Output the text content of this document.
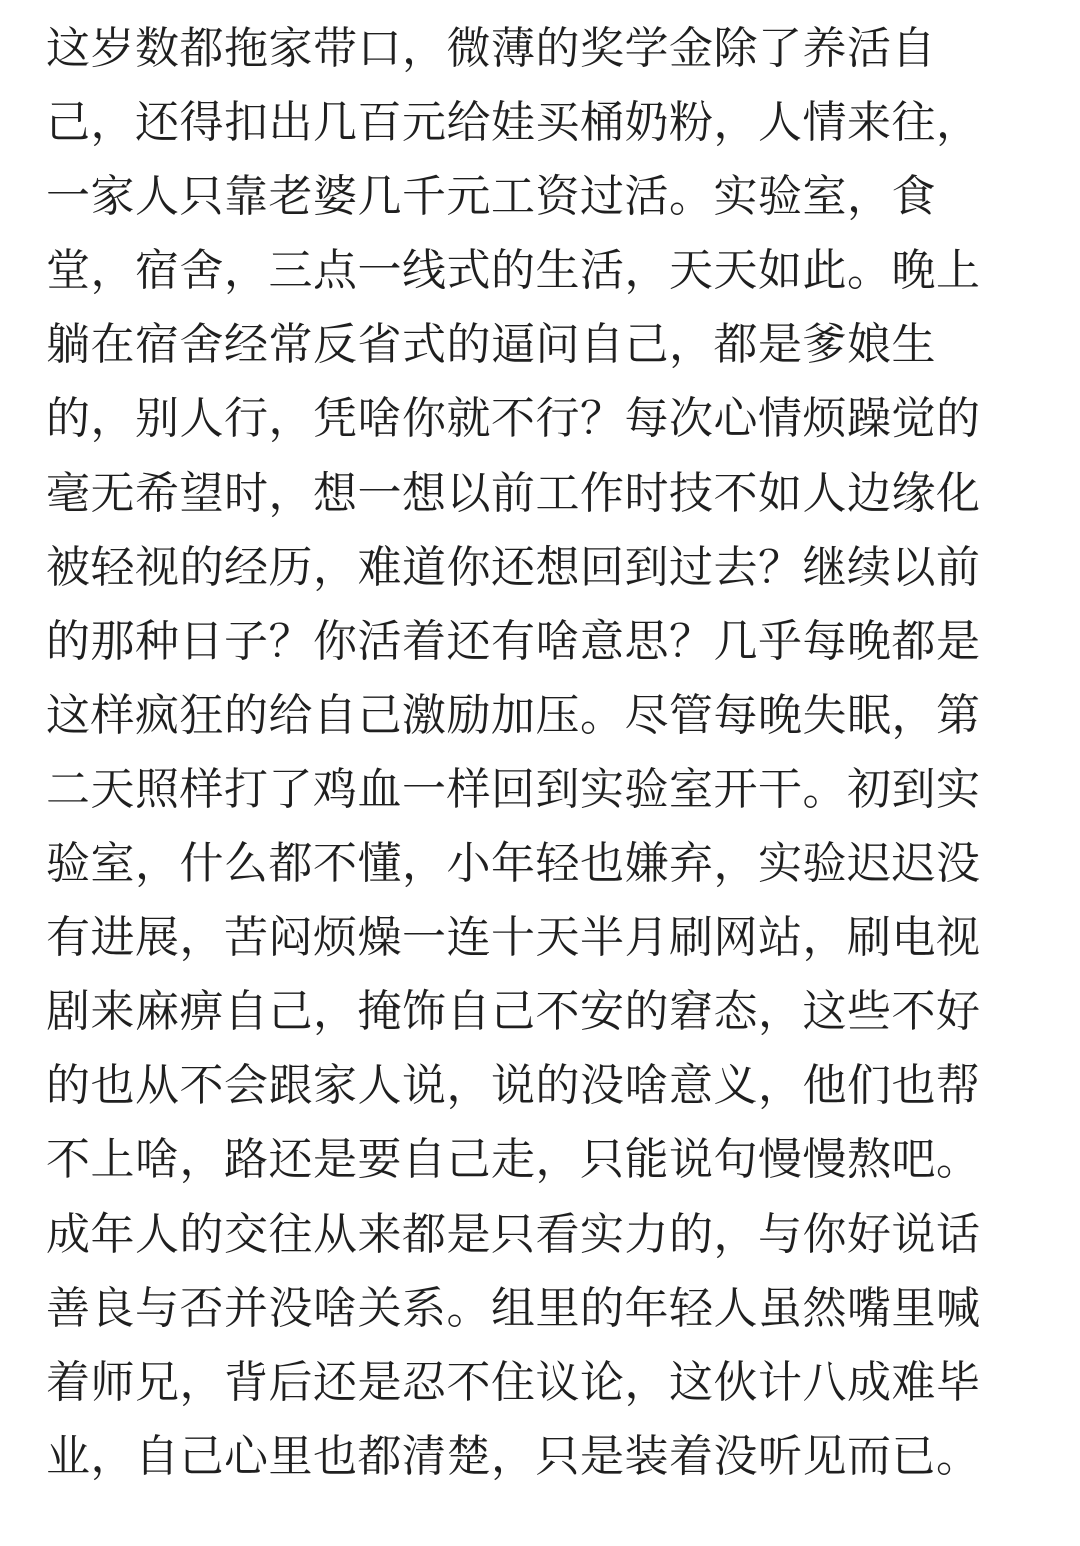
这岁数都拖家带口，微薄的奖学金除了养活自
己，还得扣出几百元给娃买桶奶粉，人情来往，
一家人只靠老婆几千元工资过活。实验室，食
堂，宿舍，三点一线式的生活，天天如此。晚上
躺在宿舍经常反省式的逼问自己，都是爹娘生
的，别人行，凭啥你就不行？每次心情烦躁觉的
毫无希望时，想一想以前工作时技不如人边缘化
被轻视的经历，难道你还想回到过去？继续以前
的那种日子？你活着还有啥意思？几乎每晚都是
这样疯狂的给自己激励加压。尽管每晚失眠，第
二天照样打了鸡血一样回到实验室开干。初到实
验室，什么都不懂，小年轻也嫌弃，实验迟迟没
有进展，苦闷烦燥一连十天半月刷网站，刷电视
剧来麻痹自己，掩饰自己不安的窘态，这些不好
的也从不会跟家人说，说的没啥意义，他们也帮
不上啥，路还是要自己走，只能说句慢慢熬吧。
成年人的交往从来都是只看实力的，与你好说话
善良与否并没啥关系。组里的年轻人虽然嘴里喊
着师兄，背后还是忍不住议论，这伙计八成难毕
业，自己心里也都清楚，只是装着没听见而已。
